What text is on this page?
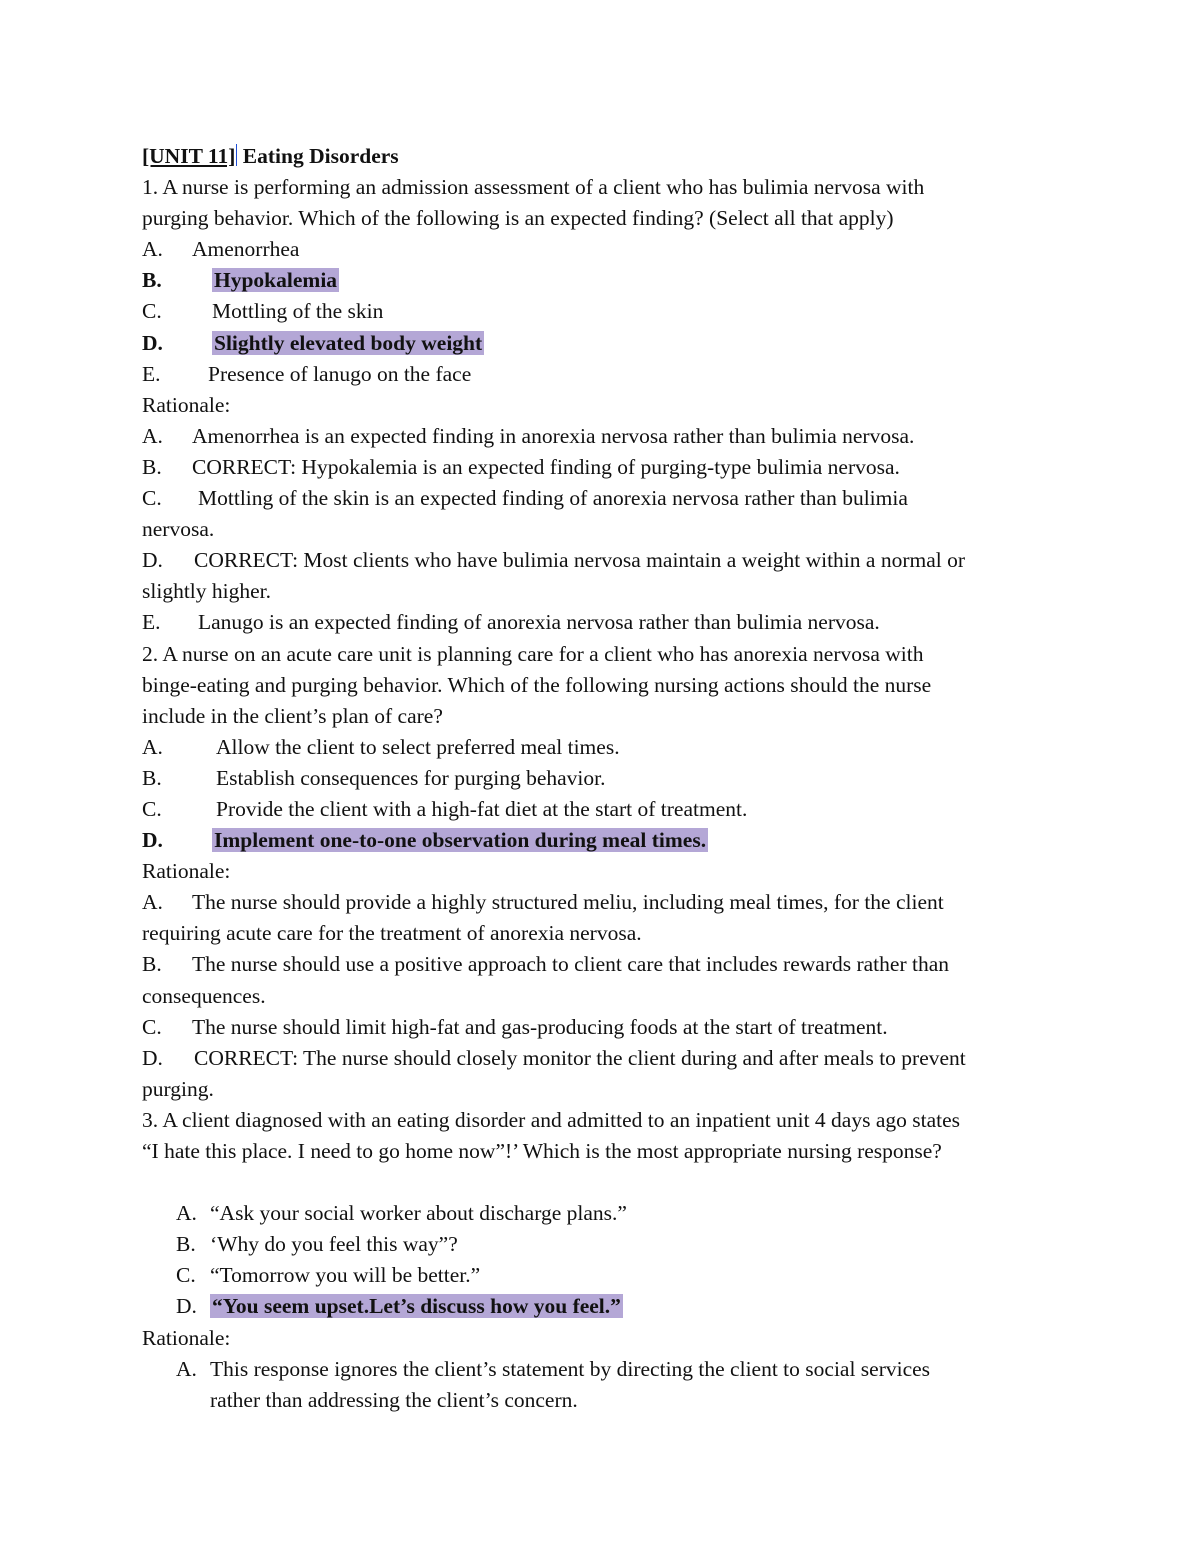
[UNIT 11] Eating Disorders
1. A nurse is performing an admission assessment of a client who has bulimia nervosa with
purging behavior. Which of the following is an expected finding? (Select all that apply)
A. Amenorrhea
B. Hypokalemia
C. Mottling of the skin
D. Slightly elevated body weight
E. Presence of lanugo on the face
Rationale:
A. Amenorrhea is an expected finding in anorexia nervosa rather than bulimia nervosa.
B. CORRECT: Hypokalemia is an expected finding of purging-type bulimia nervosa.
C. Mottling of the skin is an expected finding of anorexia nervosa rather than bulimia
nervosa.
D. CORRECT: Most clients who have bulimia nervosa maintain a weight within a normal or
slightly higher.
E. Lanugo is an expected finding of anorexia nervosa rather than bulimia nervosa.
2. A nurse on an acute care unit is planning care for a client who has anorexia nervosa with
binge-eating and purging behavior. Which of the following nursing actions should the nurse
include in the client’s plan of care?
A. Allow the client to select preferred meal times.
B.	Establish consequences for purging behavior.
C.	Provide the client with a high-fat diet at the start of treatment.
D. Implement one-to-one observation during meal times.
Rationale:
A. The nurse should provide a highly structured meliu, including meal times, for the client
requiring acute care for the treatment of anorexia nervosa.
B. The nurse should use a positive approach to client care that includes rewards rather than
consequences.
C. The nurse should limit high-fat and gas-producing foods at the start of treatment.
D. CORRECT: The nurse should closely monitor the client during and after meals to prevent
purging.
3. A client diagnosed with an eating disorder and admitted to an inpatient unit 4 days ago states
“I hate this place. I need to go home now”!’ Which is the most appropriate nursing response?
A. “Ask your social worker about discharge plans.”
B. ‘Why do you feel this way”?
C. “Tomorrow you will be better.”
D. “You seem upset.Let’s discuss how you feel.”
Rationale:
A. This response ignores the client’s statement by directing the client to social services
rather than addressing the client’s concern.
